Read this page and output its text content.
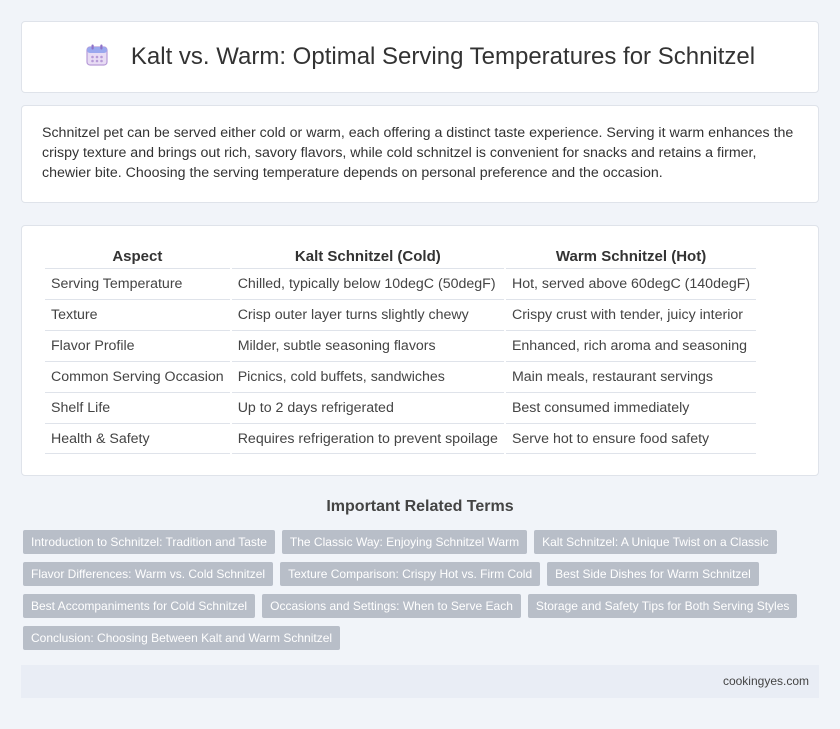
Kalt vs. Warm: Optimal Serving Temperatures for Schnitzel

Schnitzel pet can be served either cold or warm, each offering a distinct taste experience. Serving it warm enhances the crispy texture and brings out rich, savory flavors, while cold schnitzel is convenient for snacks and retains a firmer, chewier bite. Choosing the serving temperature depends on personal preference and the occasion.

Aspect	Kalt Schnitzel (Cold)	Warm Schnitzel (Hot)
Serving Temperature	Chilled, typically below 10degC (50degF)	Hot, served above 60degC (140degF)
Texture	Crisp outer layer turns slightly chewy	Crispy crust with tender, juicy interior
Flavor Profile	Milder, subtle seasoning flavors	Enhanced, rich aroma and seasoning
Common Serving Occasion	Picnics, cold buffets, sandwiches	Main meals, restaurant servings
Shelf Life	Up to 2 days refrigerated	Best consumed immediately
Health & Safety	Requires refrigeration to prevent spoilage	Serve hot to ensure food safety
Important Related Terms
Introduction to Schnitzel: Tradition and Taste	The Classic Way: Enjoying Schnitzel Warm	Kalt Schnitzel: A Unique Twist on a Classic
Flavor Differences: Warm vs. Cold Schnitzel	Texture Comparison: Crispy Hot vs. Firm Cold	Best Side Dishes for Warm Schnitzel
Best Accompaniments for Cold Schnitzel	Occasions and Settings: When to Serve Each	Storage and Safety Tips for Both Serving Styles
Conclusion: Choosing Between Kalt and Warm Schnitzel
cookingyes.com
